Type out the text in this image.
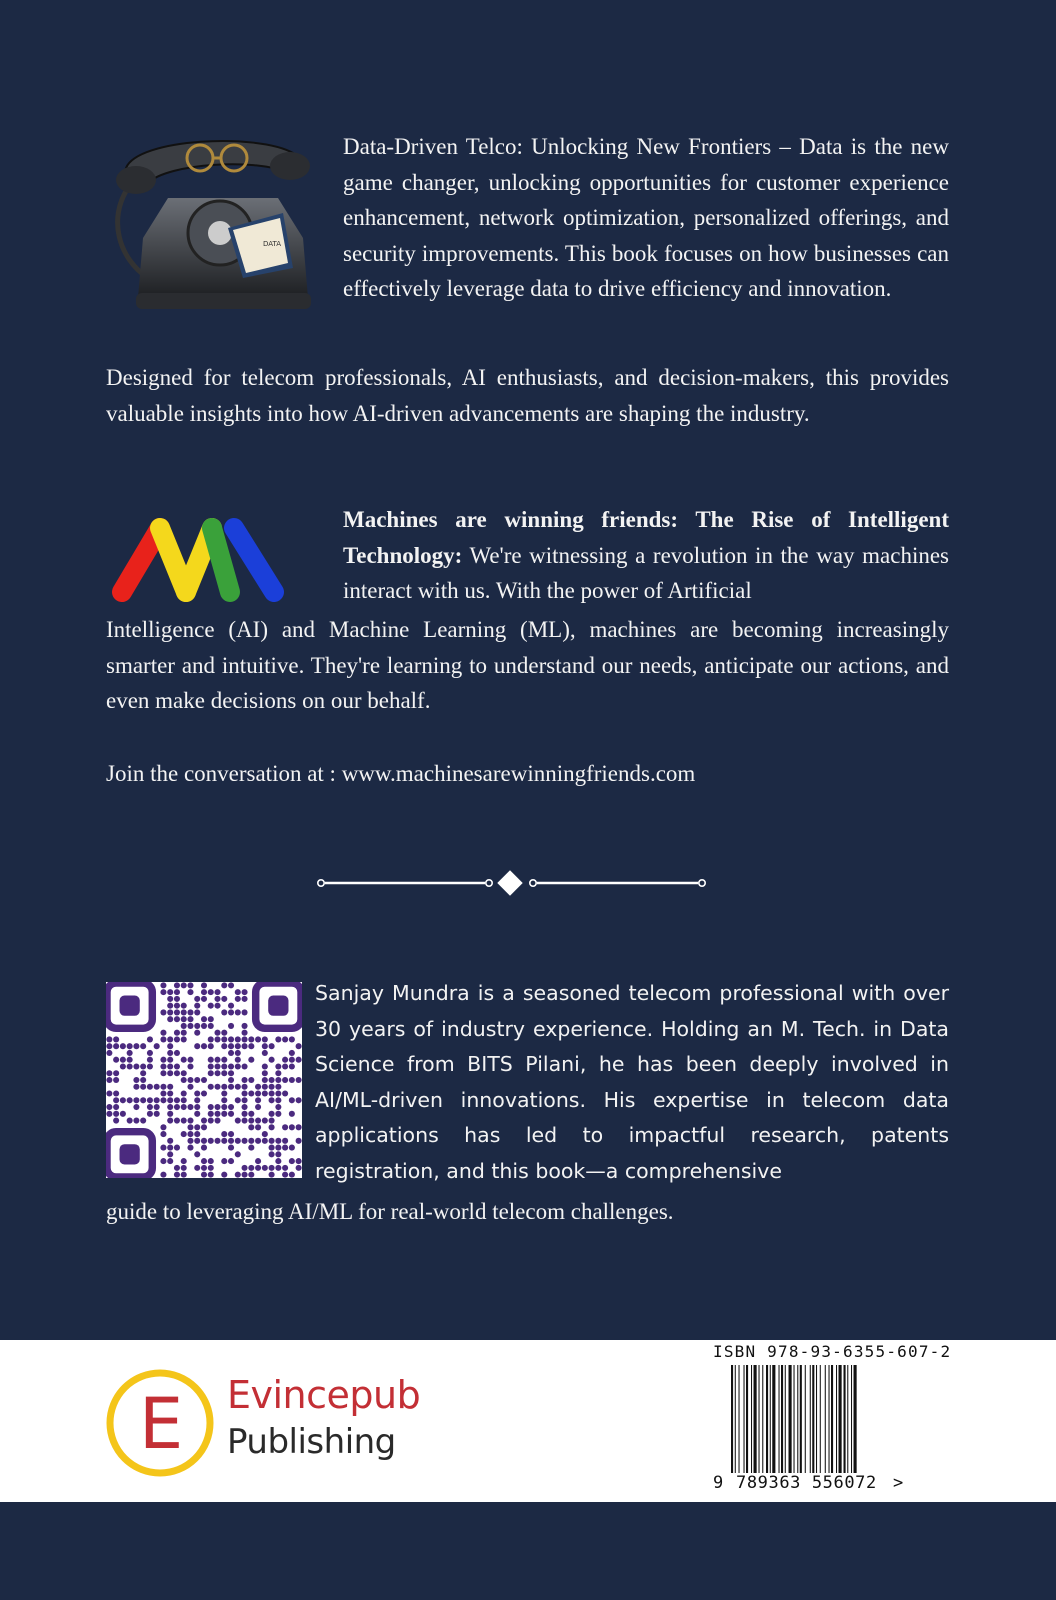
DATA
Data-Driven Telco: Unlocking New Frontiers – Data is the new game changer, unlocking opportunities for customer experience enhancement, network optimization, personalized offerings, and security improvements. This book focuses on how businesses can effectively leverage data to drive efficiency and innovation.
Designed for telecom professionals, AI enthusiasts, and decision-makers, this provides valuable insights into how AI-driven advancements are shaping the industry.
Machines are winning friends: The Rise of Intelligent Technology: We're witnessing a revolution in the way machines interact with us. With the power of Artificial
Intelligence (AI) and Machine Learning (ML), machines are becoming increasingly smarter and intuitive. They're learning to understand our needs, anticipate our actions, and even make decisions on our behalf.
Join the conversation at : www.machinesarewinningfriends.com
Sanjay Mundra is a seasoned telecom professional with over 30 years of industry experience. Holding an M. Tech. in Data Science from BITS Pilani, he has been deeply involved in AI/ML-driven innovations. His expertise in telecom data applications has led to impactful research, patents registration, and this book—a comprehensive
guide to leveraging AI/ML for real-world telecom challenges.
E Evincepub
Publishing
ISBN 978-93-6355-607-2
9 789363 556072 >
